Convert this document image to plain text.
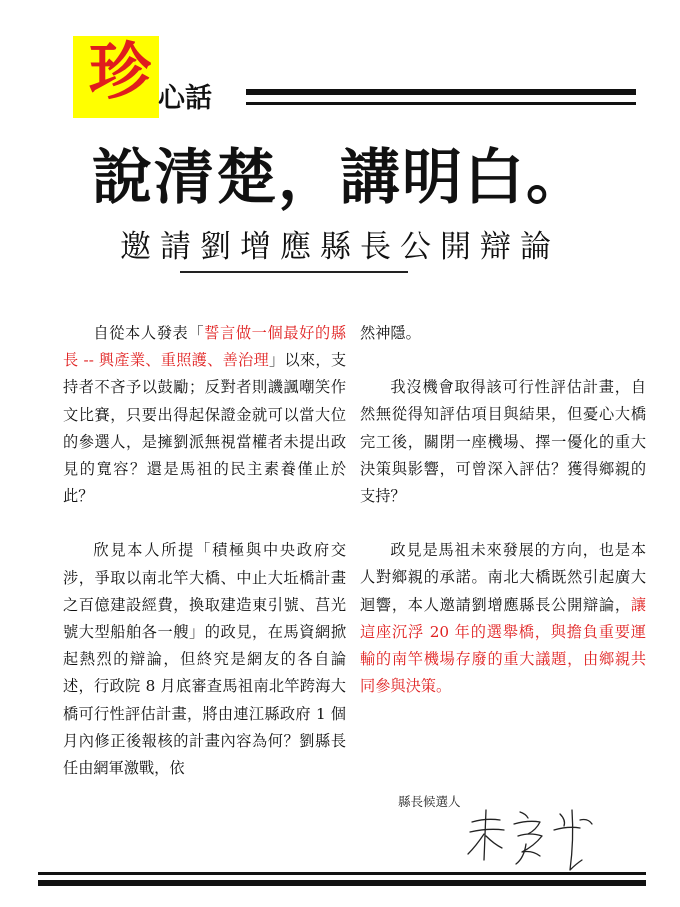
珍 心話
說清楚，講明白。
邀請劉增應縣長公開辯論

自從本人發表「誓言做一個最好的縣長 -- 興產業、重照護、善治理」以來，支持者不吝予以鼓勵；反對者則譏諷嘲笑作文比賽，只要出得起保證金就可以當大位的參選人，是擁劉派無視當權者未提出政見的寬容？還是馬祖的民主素養僅止於此？

欣見本人所提「積極與中央政府交涉，爭取以南北竿大橋、中止大坵橋計畫之百億建設經費，換取建造東引號、莒光號大型船舶各一艘」的政見，在馬資網掀起熱烈的辯論，但終究是網友的各自論述，行政院 8 月底審查馬祖南北竿跨海大橋可行性評估計畫，將由連江縣政府 1 個月內修正後報核的計畫內容為何？劉縣長任由網軍激戰，依

然神隱。

我沒機會取得該可行性評估計畫，自然無從得知評估項目與結果，但憂心大橋完工後，關閉一座機場、擇一優化的重大決策與影響，可曾深入評估？獲得鄉親的支持？

政見是馬祖未來發展的方向，也是本人對鄉親的承諾。南北大橋既然引起廣大迴響，本人邀請劉增應縣長公開辯論，讓這座沉浮 20 年的選舉橋，與擔負重要運輸的南竿機場存廢的重大議題，由鄉親共同參與決策。

縣長候選人
